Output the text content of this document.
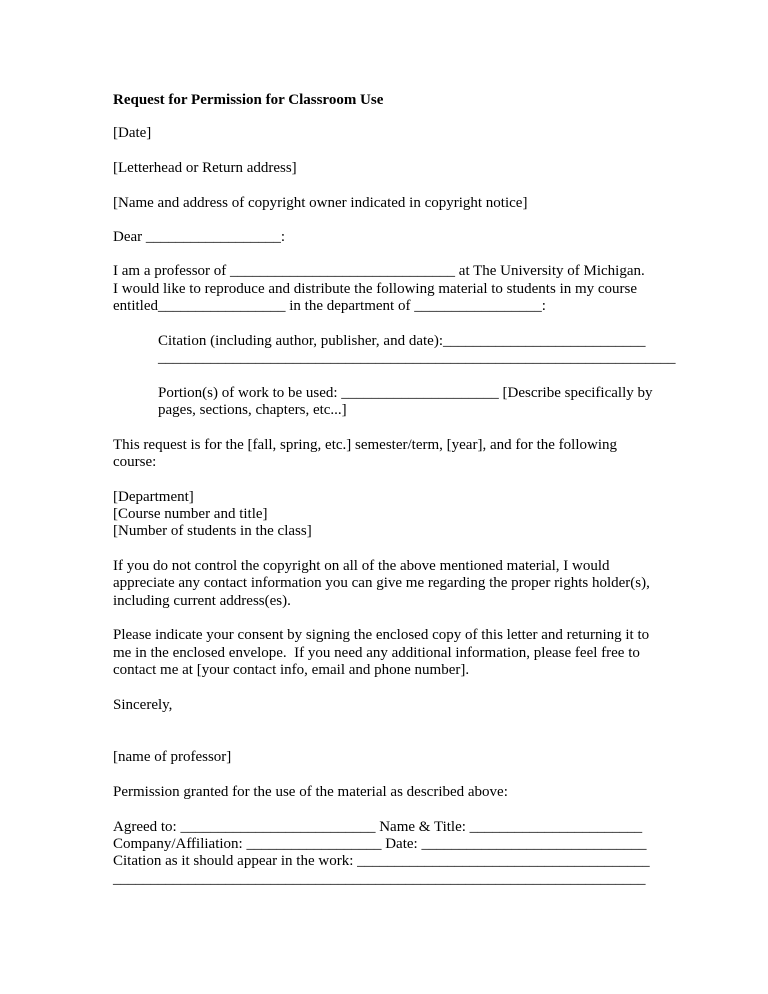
Request for Permission for Classroom Use
[Date]
[Letterhead or Return address]
[Name and address of copyright owner indicated in copyright notice]
Dear __________________:
I am a professor of ______________________________ at The University of Michigan.
I would like to reproduce and distribute the following material to students in my course
entitled_________________ in the department of _________________:
Citation (including author, publisher, and date):___________________________
_____________________________________________________________________
Portion(s) of work to be used: _____________________ [Describe specifically by
pages, sections, chapters, etc...]
This request is for the [fall, spring, etc.] semester/term, [year], and for the following
course:
[Department]
[Course number and title]
[Number of students in the class]
If you do not control the copyright on all of the above mentioned material, I would
appreciate any contact information you can give me regarding the proper rights holder(s),
including current address(es).
Please indicate your consent by signing the enclosed copy of this letter and returning it to
me in the enclosed envelope.  If you need any additional information, please feel free to
contact me at [your contact info, email and phone number].
Sincerely,
[name of professor]
Permission granted for the use of the material as described above:
Agreed to: __________________________ Name & Title: _______________________
Company/Affiliation: __________________ Date: ______________________________
Citation as it should appear in the work: _______________________________________
_______________________________________________________________________
